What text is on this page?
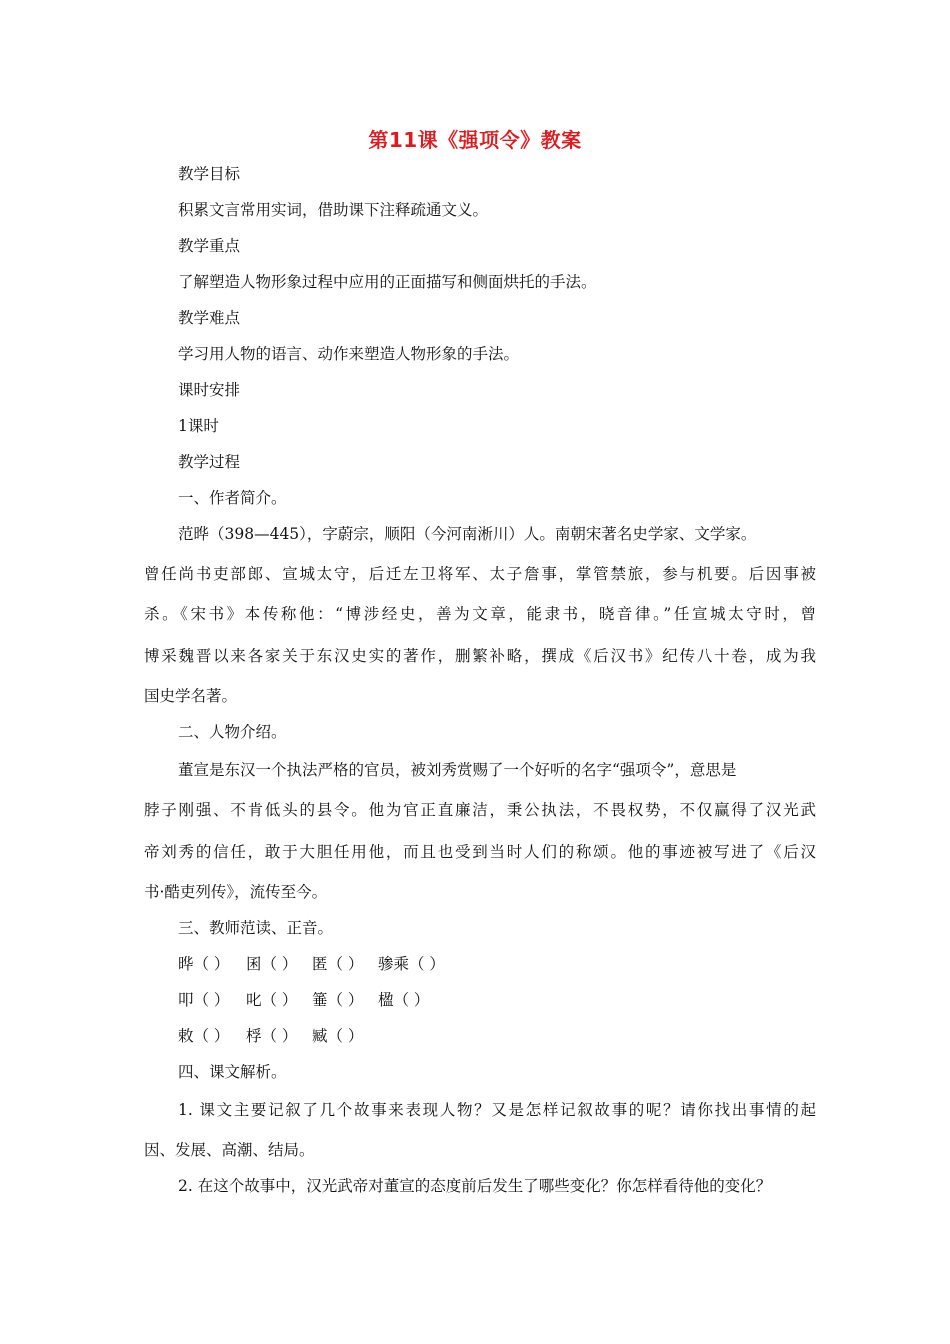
第11课《强项令》教案
教学目标
积累文言常用实词，借助课下注释疏通文义。
教学重点
了解塑造人物形象过程中应用的正面描写和侧面烘托的手法。
教学难点
学习用人物的语言、动作来塑造人物形象的手法。
课时安排
1课时
教学过程
一、作者简介。
范晔（398—445），字蔚宗，顺阳（今河南淅川）人。南朝宋著名史学家、文学家。
曾任尚书吏部郎、宣城太守，后迁左卫将军、太子詹事，掌管禁旅，参与机要。后因事被
杀。《宋书》本传称他：“博涉经史，善为文章，能隶书，晓音律。”任宣城太守时，曾
博采魏晋以来各家关于东汉史实的著作，删繁补略，撰成《后汉书》纪传八十卷，成为我
国史学名著。
二、人物介绍。
董宣是东汉一个执法严格的官员，被刘秀赏赐了一个好听的名字“强项令”，意思是
脖子刚强、不肯低头的县令。他为官正直廉洁，秉公执法，不畏权势，不仅赢得了汉光武
帝刘秀的信任，敢于大胆任用他，而且也受到当时人们的称颂。他的事迹被写进了《后汉
书·酷吏列传》，流传至今。
三、教师范读、正音。
晔（ ） 囷（ ） 匿（ ） 骖乘（ ）
叩（ ） 叱（ ） 箠（ ） 楹（ ）
敕（ ） 桴（ ） 臧（ ）
四、课文解析。
1. 课文主要记叙了几个故事来表现人物？又是怎样记叙故事的呢？请你找出事情的起
因、发展、高潮、结局。
2. 在这个故事中，汉光武帝对董宣的态度前后发生了哪些变化？你怎样看待他的变化？
